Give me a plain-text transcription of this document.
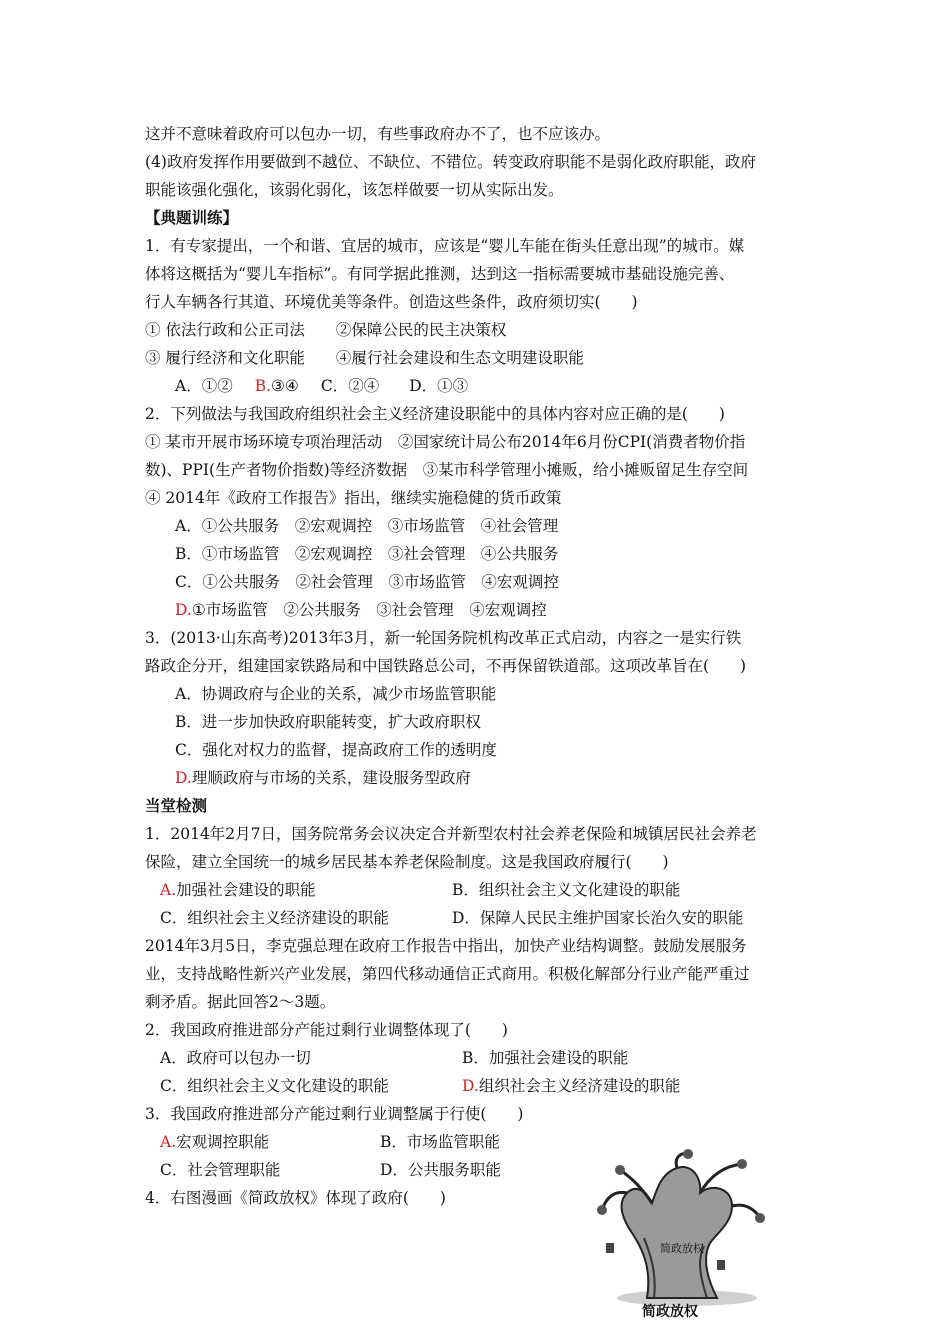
这并不意味着政府可以包办一切，有些事政府办不了，也不应该办。
(4)政府发挥作用要做到不越位、不缺位、不错位。转变政府职能不是弱化政府职能，政府
职能该强化强化，该弱化弱化，该怎样做要一切从实际出发。
【典题训练】
1．有专家提出，一个和谐、宜居的城市，应该是“婴儿车能在街头任意出现”的城市。媒
体将这概括为“婴儿车指标”。有同学据此推测，达到这一指标需要城市基础设施完善、
行人车辆各行其道、环境优美等条件。创造这些条件，政府须切实(　　)
① 依法行政和公正司法　　②保障公民的民主决策权
③ 履行经济和文化职能　　④履行社会建设和生态文明建设职能
A．①② B.③④ C．②④ D．①③
2．下列做法与我国政府组织社会主义经济建设职能中的具体内容对应正确的是(　　)
① 某市开展市场环境专项治理活动　②国家统计局公布2014年6月份CPI(消费者物价指
数)、PPI(生产者物价指数)等经济数据　③某市科学管理小摊贩，给小摊贩留足生存空间
④ 2014年《政府工作报告》指出，继续实施稳健的货币政策
A．①公共服务　②宏观调控　③市场监管　④社会管理
B．①市场监管　②宏观调控　③社会管理　④公共服务
C．①公共服务　②社会管理　③市场监管　④宏观调控
D.①市场监管　②公共服务　③社会管理　④宏观调控
3．(2013·山东高考)2013年3月，新一轮国务院机构改革正式启动，内容之一是实行铁
路政企分开，组建国家铁路局和中国铁路总公司，不再保留铁道部。这项改革旨在(　　)
A．协调政府与企业的关系，减少市场监管职能
B．进一步加快政府职能转变，扩大政府职权
C．强化对权力的监督，提高政府工作的透明度
D.理顺政府与市场的关系，建设服务型政府
当堂检测
1．2014年2月7日，国务院常务会议决定合并新型农村社会养老保险和城镇居民社会养老
保险，建立全国统一的城乡居民基本养老保险制度。这是我国政府履行(　　)
A.加强社会建设的职能	B．组织社会主义文化建设的职能
C．组织社会主义经济建设的职能	D．保障人民民主维护国家长治久安的职能
2014年3月5日，李克强总理在政府工作报告中指出，加快产业结构调整。鼓励发展服务
业，支持战略性新兴产业发展，第四代移动通信正式商用。积极化解部分行业产能严重过
剩矛盾。据此回答2～3题。
2．我国政府推进部分产能过剩行业调整体现了(　　)
A．政府可以包办一切	B．加强社会建设的职能
C．组织社会主义文化建设的职能	D.组织社会主义经济建设的职能
3．我国政府推进部分产能过剩行业调整属于行使(　　)
A.宏观调控职能	B．市场监管职能
C．社会管理职能	D．公共服务职能
4．右图漫画《简政放权》体现了政府(　　)
简政放权
简政放权
